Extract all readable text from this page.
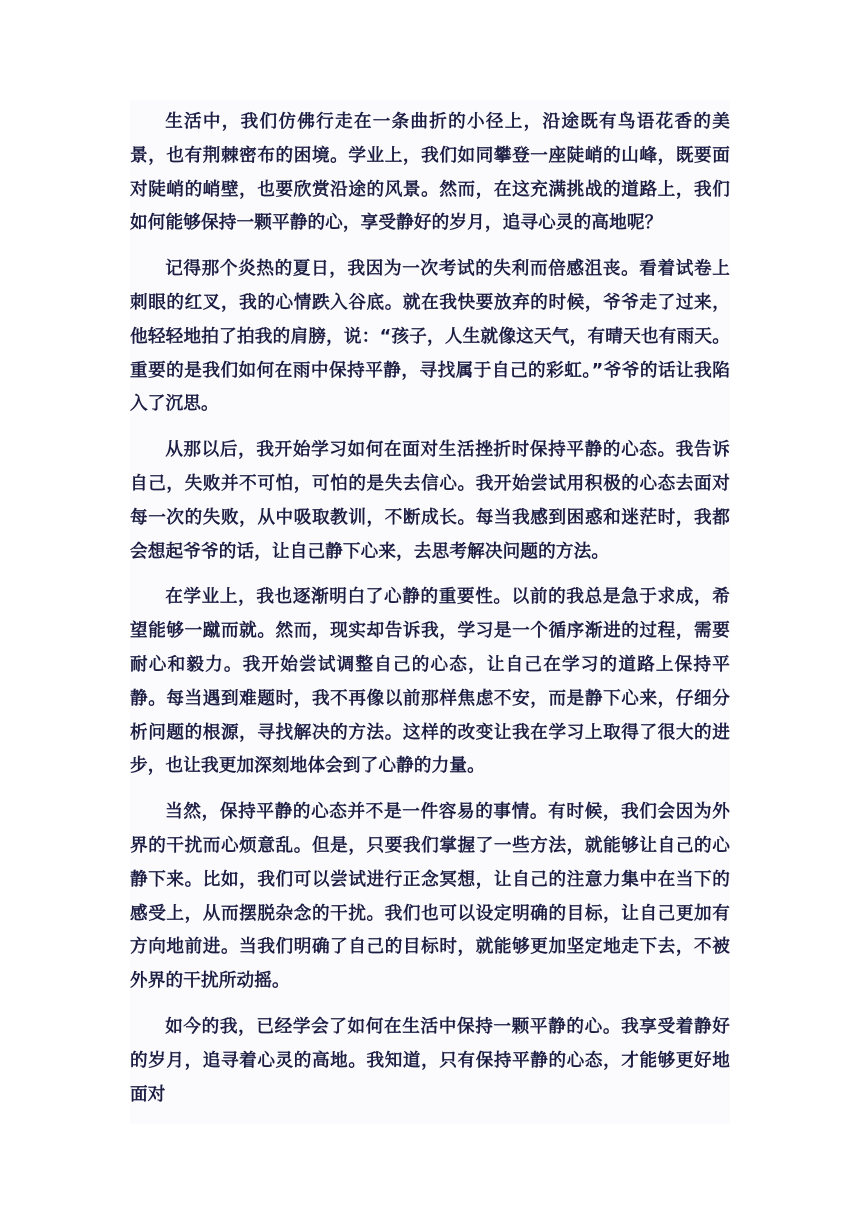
生活中，我们仿佛行走在一条曲折的小径上，沿途既有鸟语花香的美景，也有荆棘密布的困境。学业上，我们如同攀登一座陡峭的山峰，既要面对陡峭的峭壁，也要欣赏沿途的风景。然而，在这充满挑战的道路上，我们如何能够保持一颗平静的心，享受静好的岁月，追寻心灵的高地呢？

记得那个炎热的夏日，我因为一次考试的失利而倍感沮丧。看着试卷上刺眼的红叉，我的心情跌入谷底。就在我快要放弃的时候，爷爷走了过来，他轻轻地拍了拍我的肩膀，说：“孩子，人生就像这天气，有晴天也有雨天。重要的是我们如何在雨中保持平静，寻找属于自己的彩虹。”爷爷的话让我陷入了沉思。

从那以后，我开始学习如何在面对生活挫折时保持平静的心态。我告诉自己，失败并不可怕，可怕的是失去信心。我开始尝试用积极的心态去面对每一次的失败，从中吸取教训，不断成长。每当我感到困惑和迷茫时，我都会想起爷爷的话，让自己静下心来，去思考解决问题的方法。

在学业上，我也逐渐明白了心静的重要性。以前的我总是急于求成，希望能够一蹴而就。然而，现实却告诉我，学习是一个循序渐进的过程，需要耐心和毅力。我开始尝试调整自己的心态，让自己在学习的道路上保持平静。每当遇到难题时，我不再像以前那样焦虑不安，而是静下心来，仔细分析问题的根源，寻找解决的方法。这样的改变让我在学习上取得了很大的进步，也让我更加深刻地体会到了心静的力量。

当然，保持平静的心态并不是一件容易的事情。有时候，我们会因为外界的干扰而心烦意乱。但是，只要我们掌握了一些方法，就能够让自己的心静下来。比如，我们可以尝试进行正念冥想，让自己的注意力集中在当下的感受上，从而摆脱杂念的干扰。我们也可以设定明确的目标，让自己更加有方向地前进。当我们明确了自己的目标时，就能够更加坚定地走下去，不被外界的干扰所动摇。

如今的我，已经学会了如何在生活中保持一颗平静的心。我享受着静好的岁月，追寻着心灵的高地。我知道，只有保持平静的心态，才能够更好地面对
